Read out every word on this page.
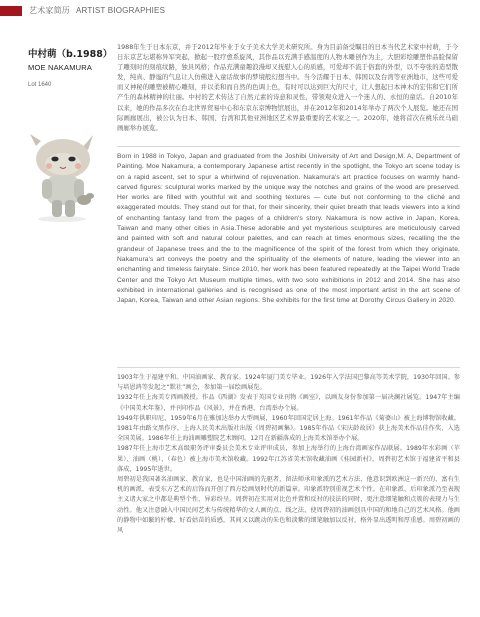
艺术家简历 ARTIST BIOGRAPHIES
中村萌（b.1988）
MOE NAKAMURA
Lot 1640

1988年生于日本东京，并于2012年毕业于女子美术大学美术研究所。身为目前备受瞩目的日本当代艺术家中村萌，于今日东京艺坛堪称异军突起，掀起一股疗愈系旋风，其作品以充满手感温度的人物木雕创作为主，大胆彩绘雕塑作品脸保留了雕刻时的刻痕纹路，独具风格；作品充满童趣浪漫却又抚慰人心的质感，可爱却不流于俗套的外型，以不夸张的造型散发，纯真、静谧的气息让人仿佛进入童话故事的梦境般幻想当中。当今活耀于日本、韩国以及台湾等亚洲地市，这些可爱而又神秘的雕塑被精心雕刻，并以柔和而自然的色调上色，有时可以达到巨大的尺寸，让人想起日本神木的宏伟和它们所产生的森林精神的壮丽。中村的艺术传达了自然元素的诗意和灵性，带领观众进入一个迷人的、永恒的童话。自2010年以来，她的作品多次在台北世界贸易中心和东京东京博物馆展出，并在2012年和2014年举办了两次个人展览。她还在国际画廊展出，被公认为日本、韩国、台湾和其他亚洲地区艺术界最重要的艺术家之一。2020年，她将首次在桃乐丝马础画廊举办展览。

Born in 1988 in Tokyo, Japan and graduated from the Joshibi University of Art and Design,M. A, Department of Painting. Moe Nakamura, a contemporary Japanese artist recently in the spotlight, the Tokyo art scene today is on a rapid ascent, set to spur a whirlwind of rejuvenation. Nakamura's art practice focuses on warmly hand-carved figures: sculptural works marked by the unique way the notches and grains of the wood are preserved. Her works are filled with youthful wit and soothing textures — cute but not conforming to the cliché and exaggerated moulds. They stand out for that, for their sincerity, their quiet breath that leads viewers into a kind of enchanting fantasy land from the pages of a children's story. Nakamura is now active in Japan, Korea, Taiwan and many other cities in Asia.These adorable and yet mysterious sculptures are meticulously carved and painted with soft and natural colour palettes, and can reach at times enormous sizes, recalling the the grandeur of Japanese trees and the to the magnificence of the spirit of the forest from which they originate. Nakamura's art conveys the poetry and the spirituality of the elements of nature, leading the viewer into an enchanting and timeless fairytale. Since 2010, her work has been featured repeatedly at the Taipei World Trade Center and the Tokyo Art Museum multiple times, with two solo exhibitions in 2012 and 2014. She has also exhibited in international galleries and is recognised as one of the most important artist in the art scene of Japan, Korea, Taiwan and other Asian regions. She exhibits for the first time at Dorothy Circus Gallery in 2020.

1903年生于福建平和。中国油画家、教育家。1924年厦门美专毕业。1926年入学法国巴黎高等美术学院，1930年回国。参与培恩鸿等发起之“默社”画会，参加第一届绘画展览。

1932年任上海美专西画教授。作品《西湖》发表于英国专业刊物《画室》，以画友身份参加第一届决澜社展览。1947年主编《中国美术年鉴》，并刊印作品《风景》，并在香港、台湾举办个展。

1949年供职印尼，1959年6月在雅加达举办大型画展，1960年回国定居上海。1961年作品《菊婆山》被上海博物馆收藏。1981年由路文黑作序，上海人民美术出版社出版《周碧初画集》。1985年作品《宋庆龄故居》获上海美术作品佳作奖，入选全国美展。1986年任上海油画雕塑院艺术顾问。12月在新疆落成的上海美术馆举办个展。

1987年任上海市艺术高级职务评审委员会美术专业评审成员，参加上海举行的上海台湾画家作品联展。1989年水彩画（苹果）、油画（桃）、（春色）被上海市美术馆收藏。1992年江苏省美术馆收藏油画《桂园新村》，周碧初艺术馆于福建省平和县落成，1995年逝世。

周碧初是我国著名油画家、教育家，也是中国油画的先驱者，留法师承印象派的艺术方法，他意识到欧洲这一新兴的、富有生机的画派，表受东方艺术的启饰而开创了西方绘画划时代的新篇章。印象派特别重视艺术个性。在印象派、后印象派乃至表现主义诸大家之中都是典型个性，异彩纷呈。周碧初在实用对比色并置和反衬的技法的同时，更注意细笔触和点簇的表现力与生动性。他又注意融入中国民间艺术与传统精华的文人画的点、线之法，使周碧初的油画创具中国的和地自己的艺术风格。他画的静物中如繁的柠檬，好看姑苗的质感，其间又以跳动的朱色和淡紫的细笔触加以反衬，格外显出透明和厚重感。周碧初画的风
